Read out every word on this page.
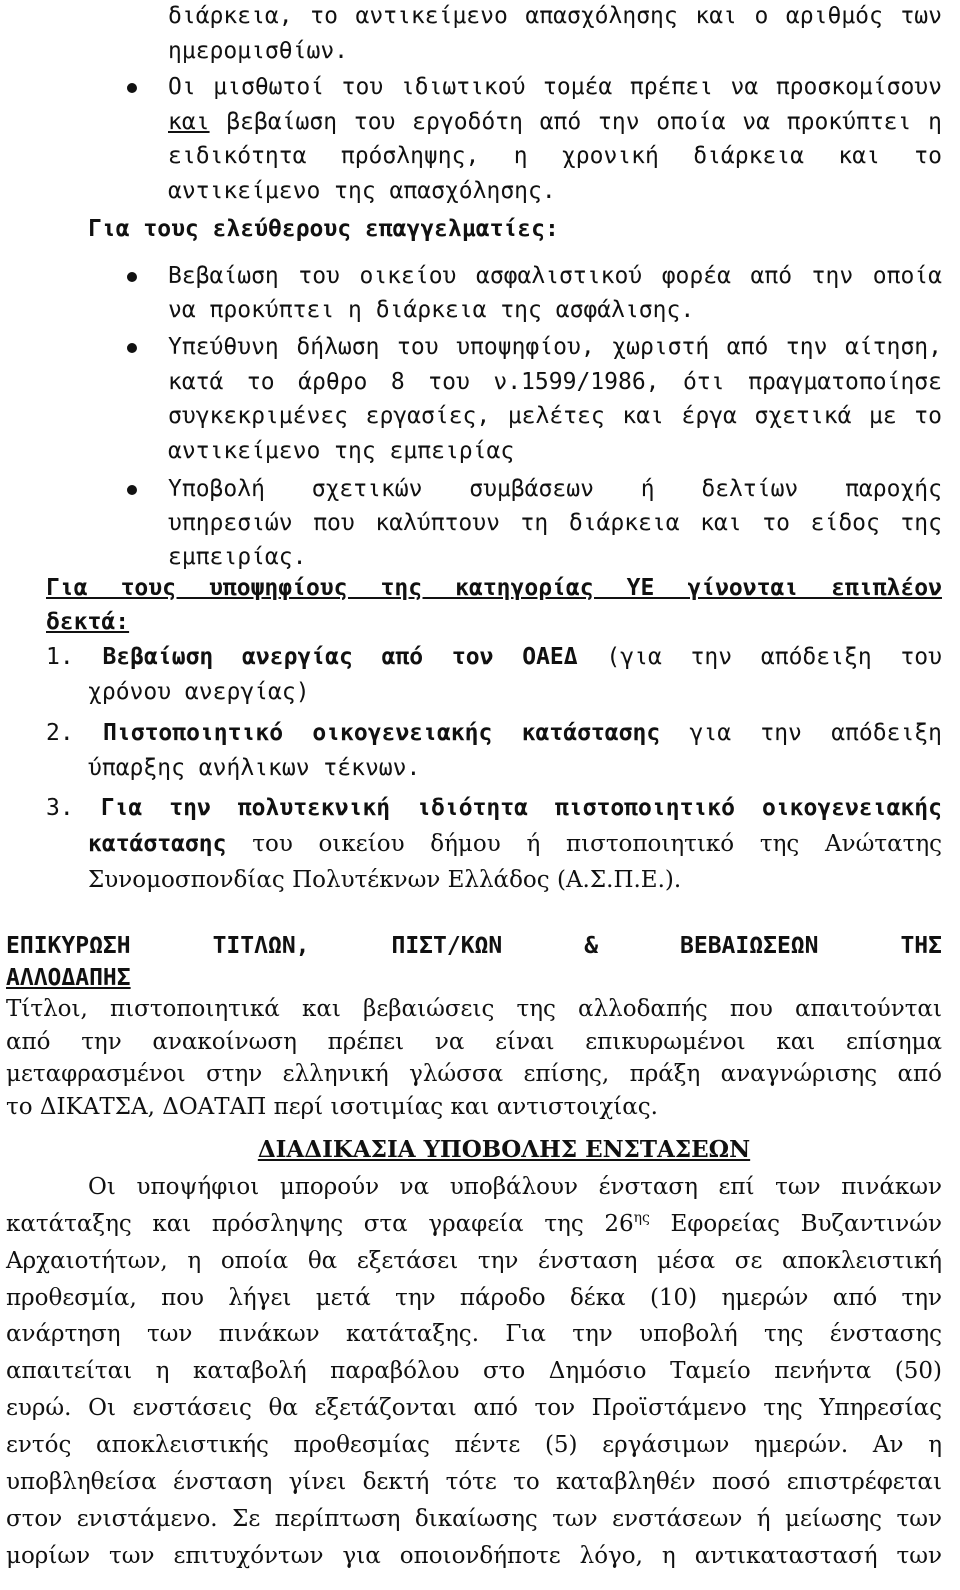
διάρκεια, το αντικείμενο απασχόλησης και ο αριθμός των
ημερομισθίων.
Οι μισθωτοί του ιδιωτικού τομέα πρέπει να προσκομίσουν
και βεβαίωση του εργοδότη από την οποία να προκύπτει η
ειδικότητα πρόσληψης, η χρονική διάρκεια και το
αντικείμενο της απασχόλησης.
Για τους ελεύθερους επαγγελματίες:
Βεβαίωση του οικείου ασφαλιστικού φορέα από την οποία
να προκύπτει η διάρκεια της ασφάλισης.
Υπεύθυνη δήλωση του υποψηφίου, χωριστή από την αίτηση,
κατά το άρθρο 8 του ν.1599/1986, ότι πραγματοποίησε
συγκεκριμένες εργασίες, μελέτες και έργα σχετικά με το
αντικείμενο της εμπειρίας
Υποβολή σχετικών συμβάσεων ή δελτίων παροχής
υπηρεσιών που καλύπτουν τη διάρκεια και το είδος της
εμπειρίας.
Για τους υποψηφίους της κατηγορίας ΥΕ γίνονται επιπλέον
δεκτά:
1. Βεβαίωση ανεργίας από τον ΟΑΕΔ (για την απόδειξη του
χρόνου ανεργίας)
2. Πιστοποιητικό οικογενειακής κατάστασης για την απόδειξη
ύπαρξης ανήλικων τέκνων.
3. Για την πολυτεκνική ιδιότητα πιστοποιητικό οικογενειακής
κατάστασης του οικείου δήμου ή πιστοποιητικό της Ανώτατης
Συνομοσπονδίας Πολυτέκνων Ελλάδος (Α.Σ.Π.Ε.).
ΕΠΙΚΥΡΩΣΗ ΤΙΤΛΩΝ, ΠΙΣΤ/ΚΩΝ & ΒΕΒΑΙΩΣΕΩΝ ΤΗΣ
ΑΛΛΟΔΑΠΗΣ
Τίτλοι, πιστοποιητικά και βεβαιώσεις της αλλοδαπής που απαιτούνται
από την ανακοίνωση πρέπει να είναι επικυρωμένοι και επίσημα
μεταφρασμένοι στην ελληνική γλώσσα επίσης, πράξη αναγνώρισης από
το ΔΙΚΑΤΣΑ, ΔΟΑΤΑΠ περί ισοτιμίας και αντιστοιχίας.
ΔΙΑΔΙΚΑΣΙΑ ΥΠΟΒΟΛΗΣ ΕΝΣΤΑΣΕΩΝ
Οι υποψήφιοι μπορούν να υποβάλουν ένσταση επί των πινάκων
κατάταξης και πρόσληψης στα γραφεία της $26^{\eta\varsigma}$ Εφορείας Βυζαντινών
Αρχαιοτήτων, η οποία θα εξετάσει την ένσταση μέσα σε αποκλειστική
προθεσμία, που λήγει μετά την πάροδο δέκα (10) ημερών από την
ανάρτηση των πινάκων κατάταξης. Για την υποβολή της ένστασης
απαιτείται η καταβολή παραβόλου στο Δημόσιο Ταμείο πενήντα (50)
ευρώ. Οι ενστάσεις θα εξετάζονται από τον Προϊστάμενο της Υπηρεσίας
εντός αποκλειστικής προθεσμίας πέντε (5) εργάσιμων ημερών. Αν η
υποβληθείσα ένσταση γίνει δεκτή τότε το καταβληθέν ποσό επιστρέφεται
στον ενιστάμενο. Σε περίπτωση δικαίωσης των ενστάσεων ή μείωσης των
μορίων των επιτυχόντων για οποιονδήποτε λόγο, η αντικαταστασή των
